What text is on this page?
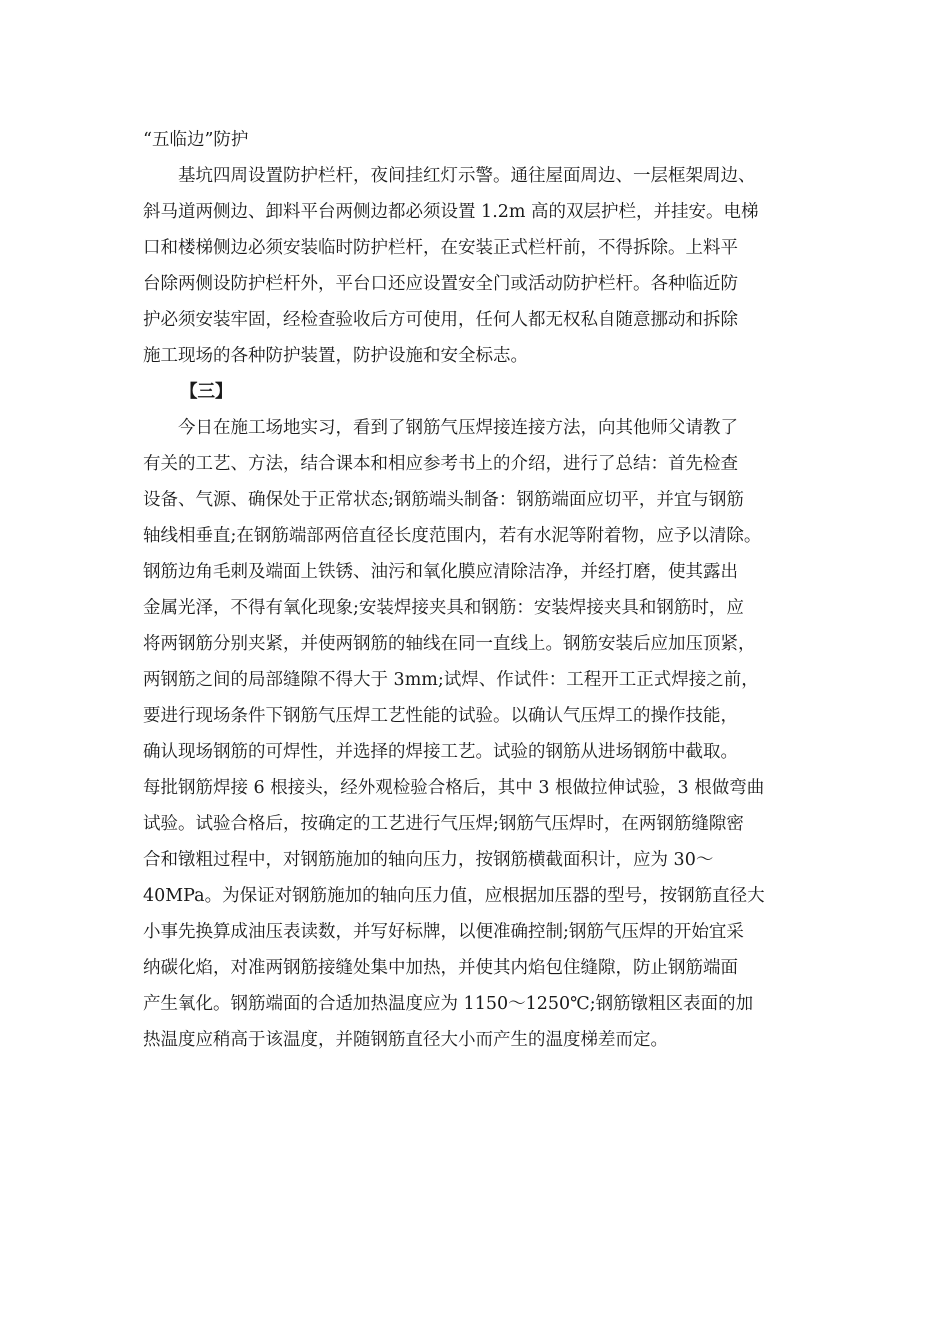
“五临边”防护
基坑四周设置防护栏杆，夜间挂红灯示警。通往屋面周边、一层框架周边、
斜马道两侧边、卸料平台两侧边都必须设置 1.2m 高的双层护栏，并挂安。电梯
口和楼梯侧边必须安装临时防护栏杆，在安装正式栏杆前，不得拆除。上料平
台除两侧设防护栏杆外，平台口还应设置安全门或活动防护栏杆。各种临近防
护必须安装牢固，经检查验收后方可使用，任何人都无权私自随意挪动和拆除
施工现场的各种防护装置，防护设施和安全标志。
【三】
今日在施工场地实习，看到了钢筋气压焊接连接方法，向其他师父请教了
有关的工艺、方法，结合课本和相应参考书上的介绍，进行了总结：首先检查
设备、气源、确保处于正常状态;钢筋端头制备：钢筋端面应切平，并宜与钢筋
轴线相垂直;在钢筋端部两倍直径长度范围内，若有水泥等附着物，应予以清除。
钢筋边角毛刺及端面上铁锈、油污和氧化膜应清除洁净，并经打磨，使其露出
金属光泽，不得有氧化现象;安装焊接夹具和钢筋：安装焊接夹具和钢筋时，应
将两钢筋分别夹紧，并使两钢筋的轴线在同一直线上。钢筋安装后应加压顶紧，
两钢筋之间的局部缝隙不得大于 3mm;试焊、作试件：工程开工正式焊接之前，
要进行现场条件下钢筋气压焊工艺性能的试验。以确认气压焊工的操作技能，
确认现场钢筋的可焊性，并选择的焊接工艺。试验的钢筋从进场钢筋中截取。
每批钢筋焊接 6 根接头，经外观检验合格后，其中 3 根做拉伸试验，3 根做弯曲
试验。试验合格后，按确定的工艺进行气压焊;钢筋气压焊时，在两钢筋缝隙密
合和镦粗过程中，对钢筋施加的轴向压力，按钢筋横截面积计，应为 30～
40MPa。为保证对钢筋施加的轴向压力值，应根据加压器的型号，按钢筋直径大
小事先换算成油压表读数，并写好标牌，以便准确控制;钢筋气压焊的开始宜采
纳碳化焰，对准两钢筋接缝处集中加热，并使其内焰包住缝隙，防止钢筋端面
产生氧化。钢筋端面的合适加热温度应为 1150～1250℃;钢筋镦粗区表面的加
热温度应稍高于该温度，并随钢筋直径大小而产生的温度梯差而定。
